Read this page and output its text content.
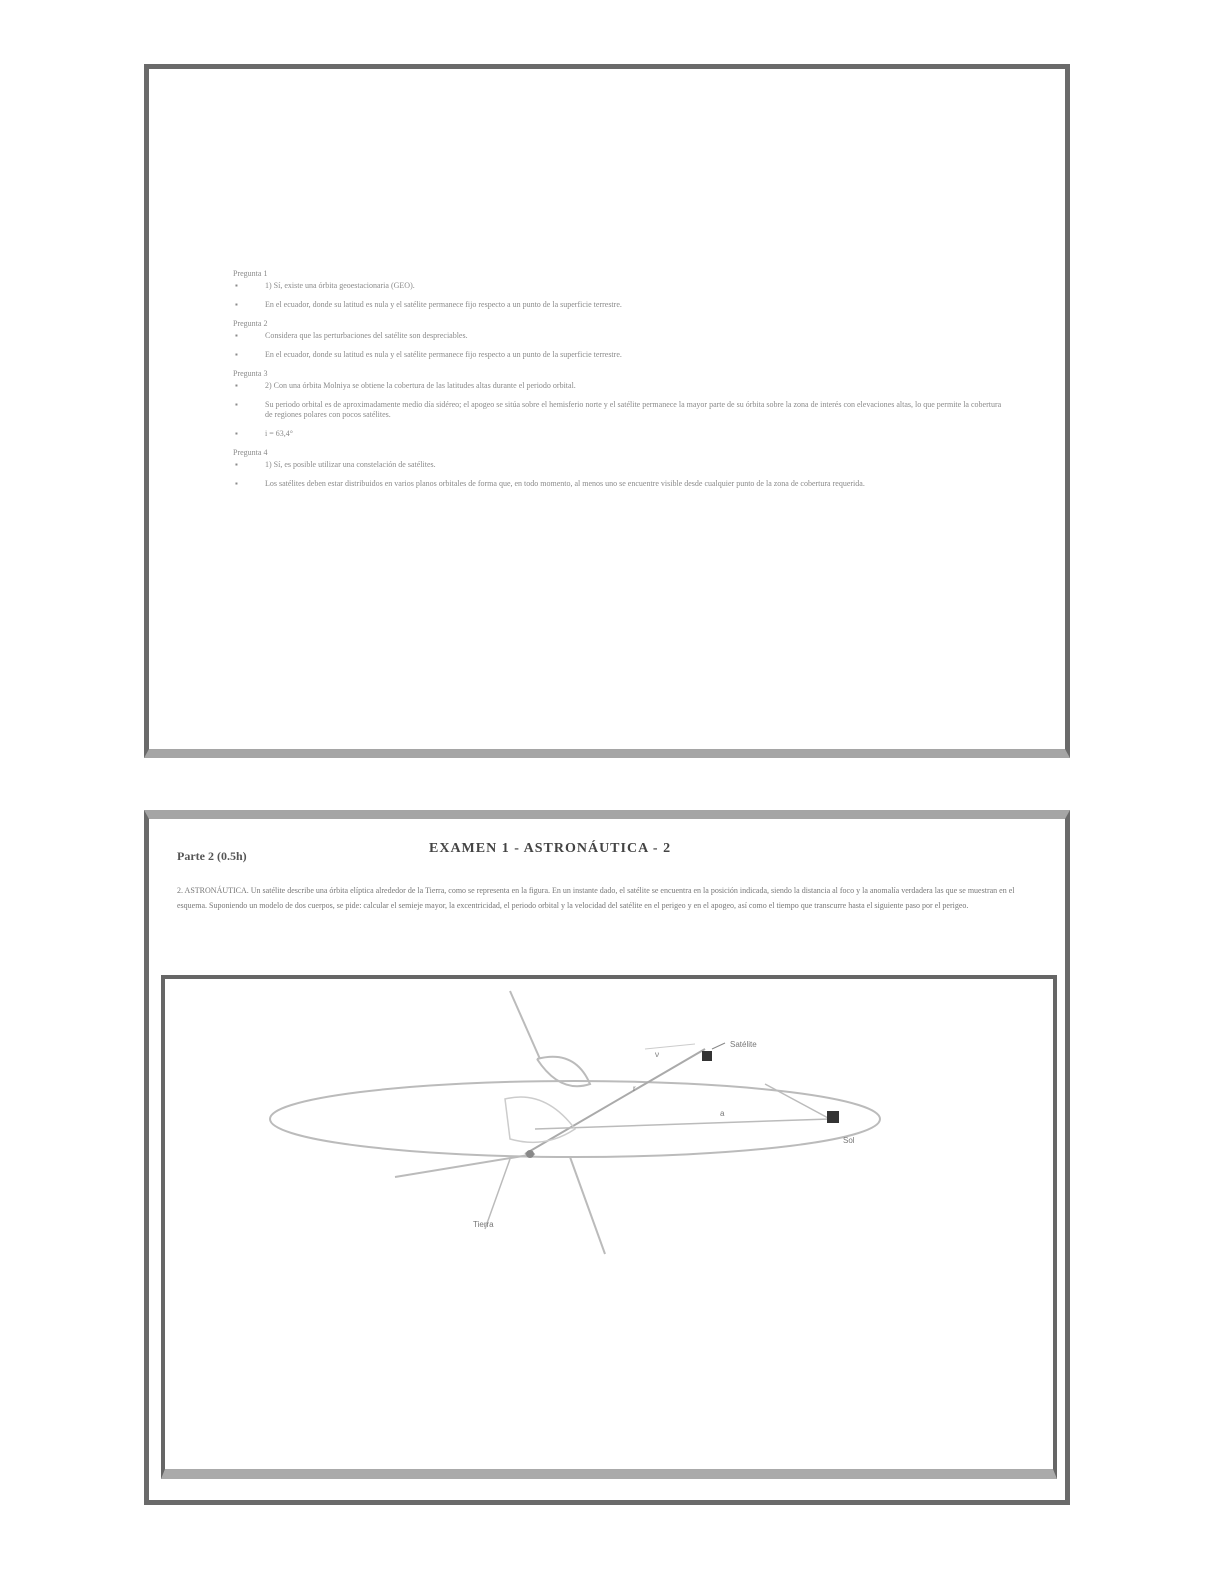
Pregunta 1
▪	1) Sí, existe una órbita geoestacionaria (GEO).
▪	En el ecuador, donde su latitud es nula y el satélite permanece fijo respecto a un punto de la superficie terrestre.
Pregunta 2
▪	Considera que las perturbaciones del satélite son despreciables.
▪	En el ecuador, donde su latitud es nula y el satélite permanece fijo respecto a un punto de la superficie terrestre.
Pregunta 3
▪	2) Con una órbita Molniya se obtiene la cobertura de las latitudes altas durante el periodo orbital.
▪	Su periodo orbital es de aproximadamente medio día sidéreo; el apogeo se sitúa sobre el hemisferio norte y el satélite permanece la mayor parte de su órbita sobre la zona de interés con elevaciones altas, lo que permite la cobertura de regiones polares con pocos satélites.
▪	i = 63,4°
Pregunta 4
▪	1) Sí, es posible utilizar una constelación de satélites.
▪	Los satélites deben estar distribuidos en varios planos orbitales de forma que, en todo momento, al menos uno se encuentre visible desde cualquier punto de la zona de cobertura requerida.
Parte 2 (0.5h)	EXAMEN 1 - ASTRONÁUTICA - 2
2. ASTRONÁUTICA. Un satélite describe una órbita elíptica alrededor de la Tierra, como se representa en la figura. En un instante dado, el satélite se encuentra en la posición indicada, siendo la distancia al foco y la anomalía verdadera las que se muestran en el esquema. Suponiendo un modelo de dos cuerpos, se pide: calcular el semieje mayor, la excentricidad, el periodo orbital y la velocidad del satélite en el perigeo y en el apogeo, así como el tiempo que transcurre hasta el siguiente paso por el perigeo.
Satélite
Sol
Tierra
r
a
ν
